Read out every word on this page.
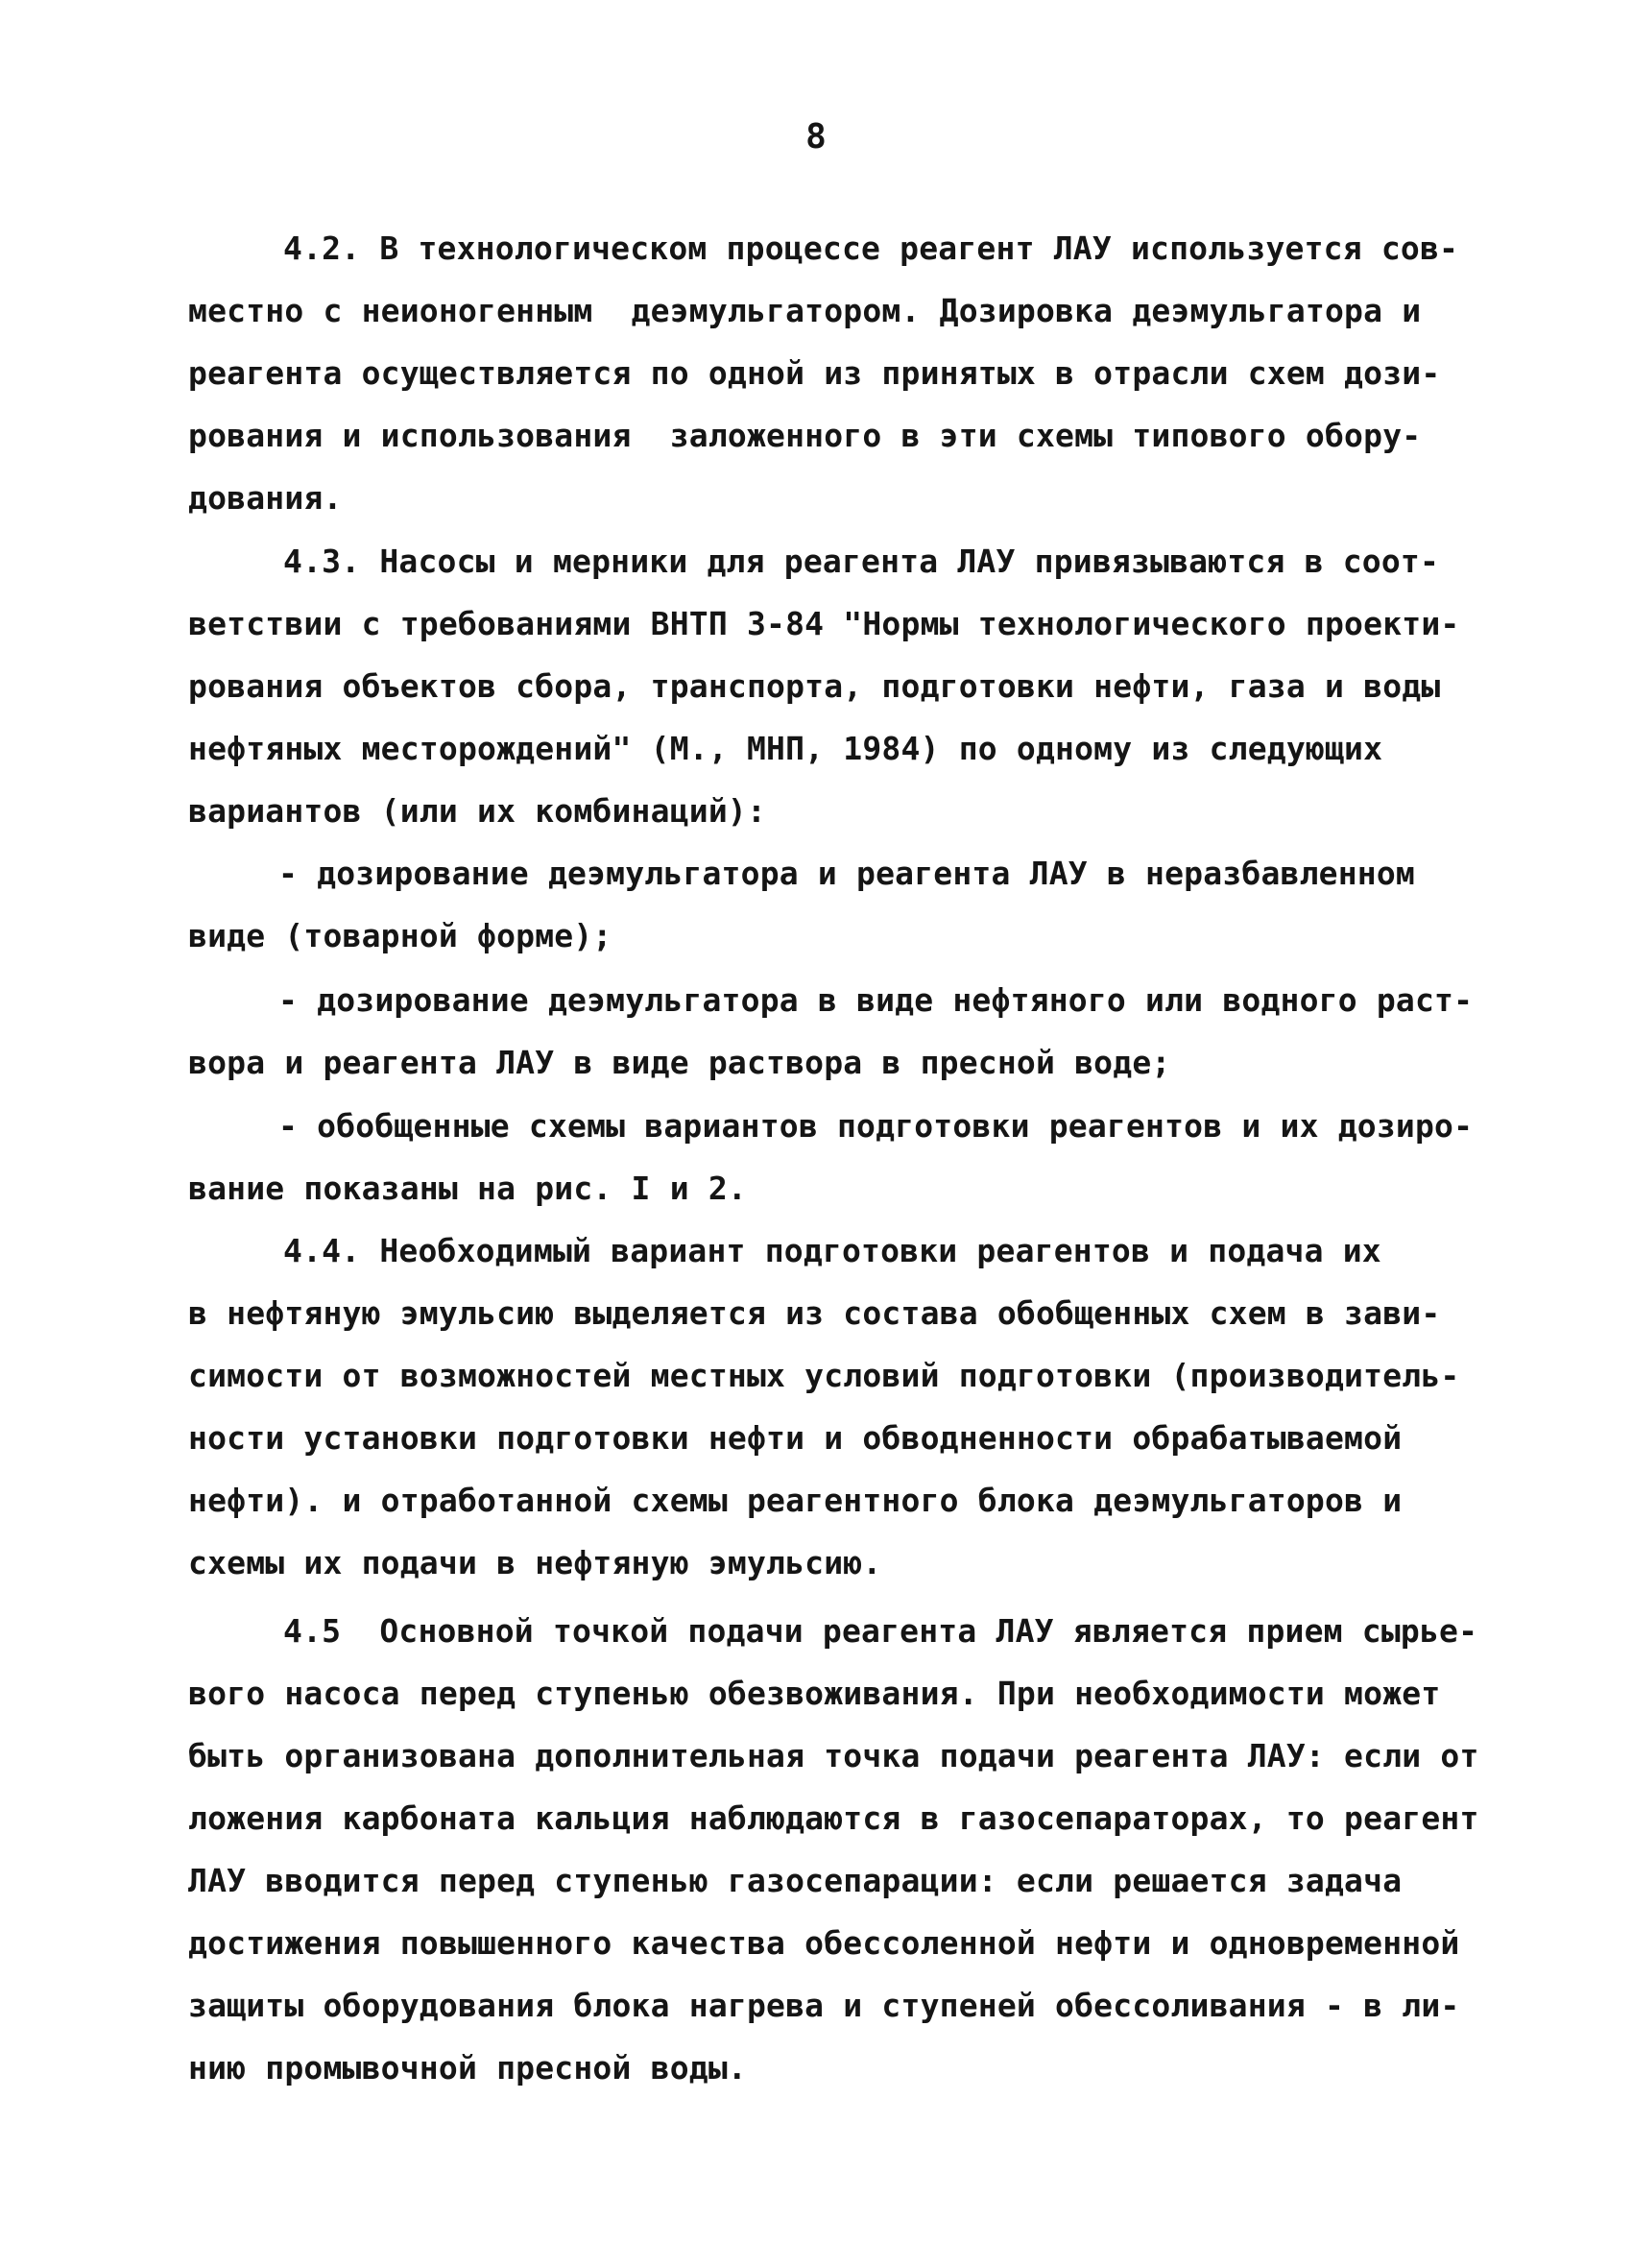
8
4.2. В технологическом процессе реагент ЛАУ используется сов-
местно с неионогенным  деэмульгатором. Дозировка деэмульгатора и
реагента осуществляется по одной из принятых в отрасли схем дози-
рования и использования  заложенного в эти схемы типового обору-
дования.
4.3. Насосы и мерники для реагента ЛАУ привязываются в соот-
ветствии с требованиями ВНТП 3-84 "Нормы технологического проекти-
рования объектов сбора, транспорта, подготовки нефти, газа и воды
нефтяных месторождений" (М., МНП, 1984) по одному из следующих
вариантов (или их комбинаций):
- дозирование деэмульгатора и реагента ЛАУ в неразбавленном
виде (товарной форме);
- дозирование деэмульгатора в виде нефтяного или водного раст-
вора и реагента ЛАУ в виде раствора в пресной воде;
- обобщенные схемы вариантов подготовки реагентов и их дозиро-
вание показаны на рис. I и 2.
4.4. Необходимый вариант подготовки реагентов и подача их
в нефтяную эмульсию выделяется из состава обобщенных схем в зави-
симости от возможностей местных условий подготовки (производитель-
ности установки подготовки нефти и обводненности обрабатываемой
нефти). и отработанной схемы реагентного блока деэмульгаторов и
схемы их подачи в нефтяную эмульсию.
4.5  Основной точкой подачи реагента ЛАУ является прием сырье-
вого насоса перед ступенью обезвоживания. При необходимости может
быть организована дополнительная точка подачи реагента ЛАУ: если от
ложения карбоната кальция наблюдаются в газосепараторах, то реагент
ЛАУ вводится перед ступенью газосепарации: если решается задача
достижения повышенного качества обессоленной нефти и одновременной
защиты оборудования блока нагрева и ступеней обессоливания - в ли-
нию промывочной пресной воды.
